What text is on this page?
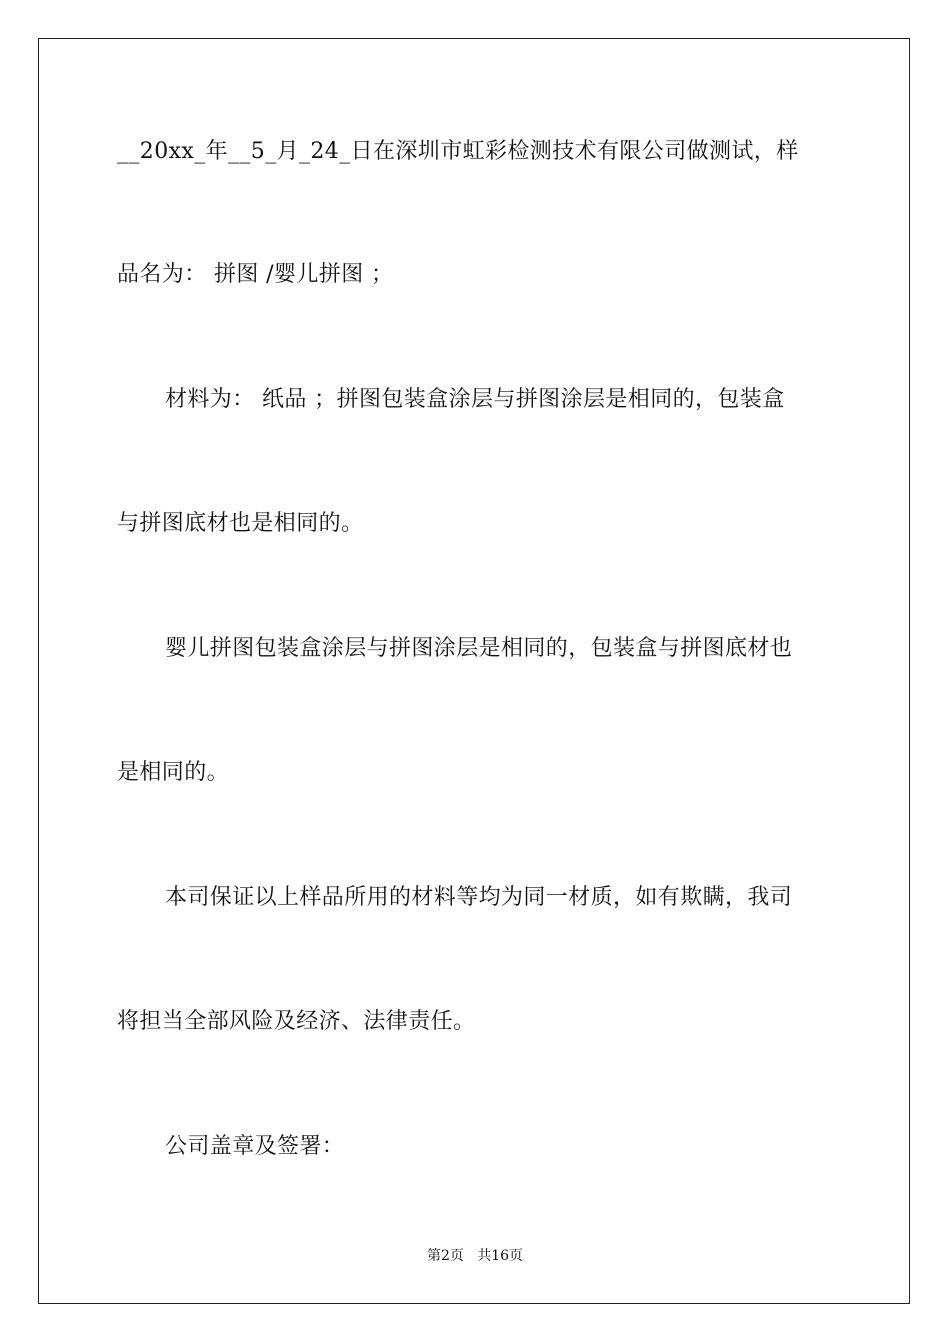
__20xx_年__5_月_24_日在深圳市虹彩检测技术有限公司做测试，样
品名为： 拼图 /婴儿拼图 ；
材料为： 纸品 ；拼图包装盒涂层与拼图涂层是相同的，包装盒
与拼图底材也是相同的。
婴儿拼图包装盒涂层与拼图涂层是相同的，包装盒与拼图底材也
是相同的。
本司保证以上样品所用的材料等均为同一材质，如有欺瞒，我司
将担当全部风险及经济、法律责任。
公司盖章及签署：
第2页   共16页
